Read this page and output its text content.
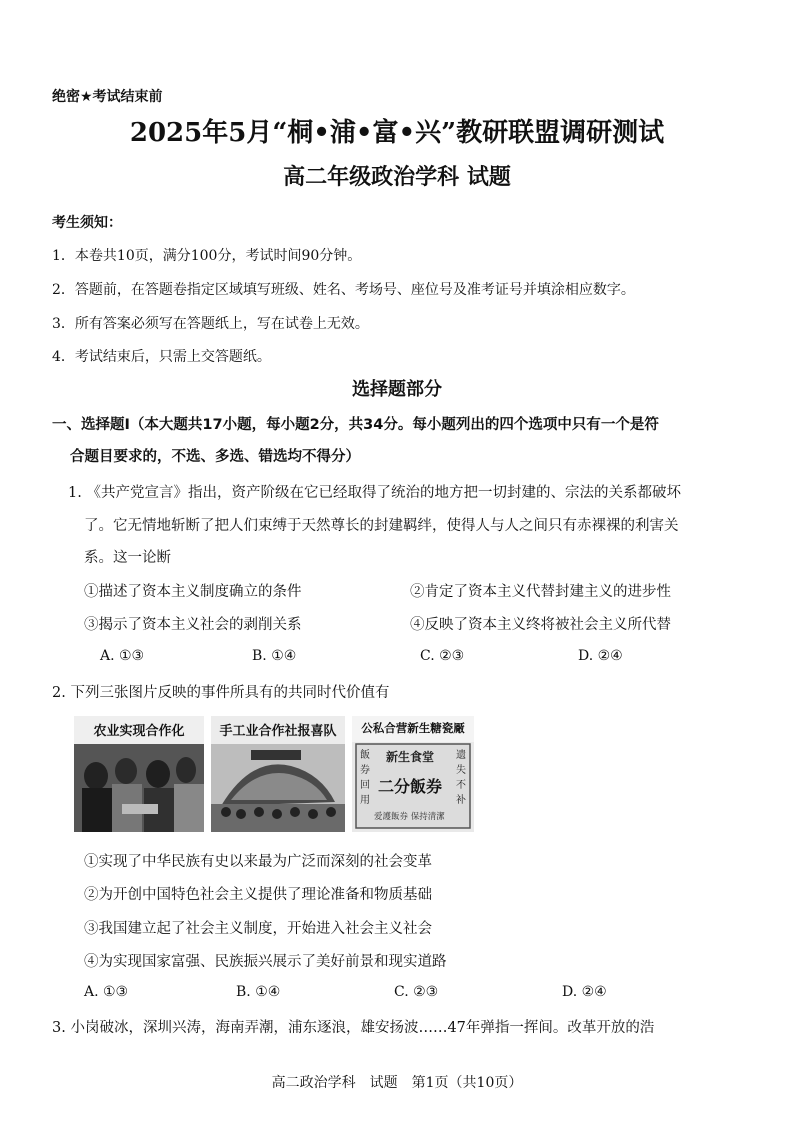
绝密★考试结束前
2025年5月“桐•浦•富•兴”教研联盟调研测试
高二年级政治学科 试题
考生须知：
1．本卷共10页，满分100分，考试时间90分钟。
2．答题前，在答题卷指定区域填写班级、姓名、考场号、座位号及准考证号并填涂相应数字。
3．所有答案必须写在答题纸上，写在试卷上无效。
4．考试结束后，只需上交答题纸。
选择题部分
一、选择题Ⅰ（本大题共17小题，每小题2分，共34分。每小题列出的四个选项中只有一个是符
合题目要求的，不选、多选、错选均不得分）
1. 《共产党宣言》指出，资产阶级在它已经取得了统治的地方把一切封建的、宗法的关系都破坏
了。它无情地斩断了把人们束缚于天然尊长的封建羁绊，使得人与人之间只有赤裸裸的利害关
系。这一论断
①描述了资本主义制度确立的条件	②肯定了资本主义代替封建主义的进步性
③揭示了资本主义社会的剥削关系	④反映了资本主义终将被社会主义所代替
A. ①③	B. ①④	C. ②③	D. ②④
2. 下列三张图片反映的事件所具有的共同时代价值有
农业实现合作化	手工业合作社报喜队	公私合营新生糖瓷厰
新生食堂
二分飯券
飯券回用
遗失不补
爱護飯券 保持清潔
①实现了中华民族有史以来最为广泛而深刻的社会变革
②为开创中国特色社会主义提供了理论准备和物质基础
③我国建立起了社会主义制度，开始进入社会主义社会
④为实现国家富强、民族振兴展示了美好前景和现实道路
A. ①③	B. ①④	C. ②③	D. ②④
3. 小岗破冰，深圳兴涛，海南弄潮，浦东逐浪，雄安扬波……47年弹指一挥间。改革开放的浩
高二政治学科　试题　第1页（共10页）
